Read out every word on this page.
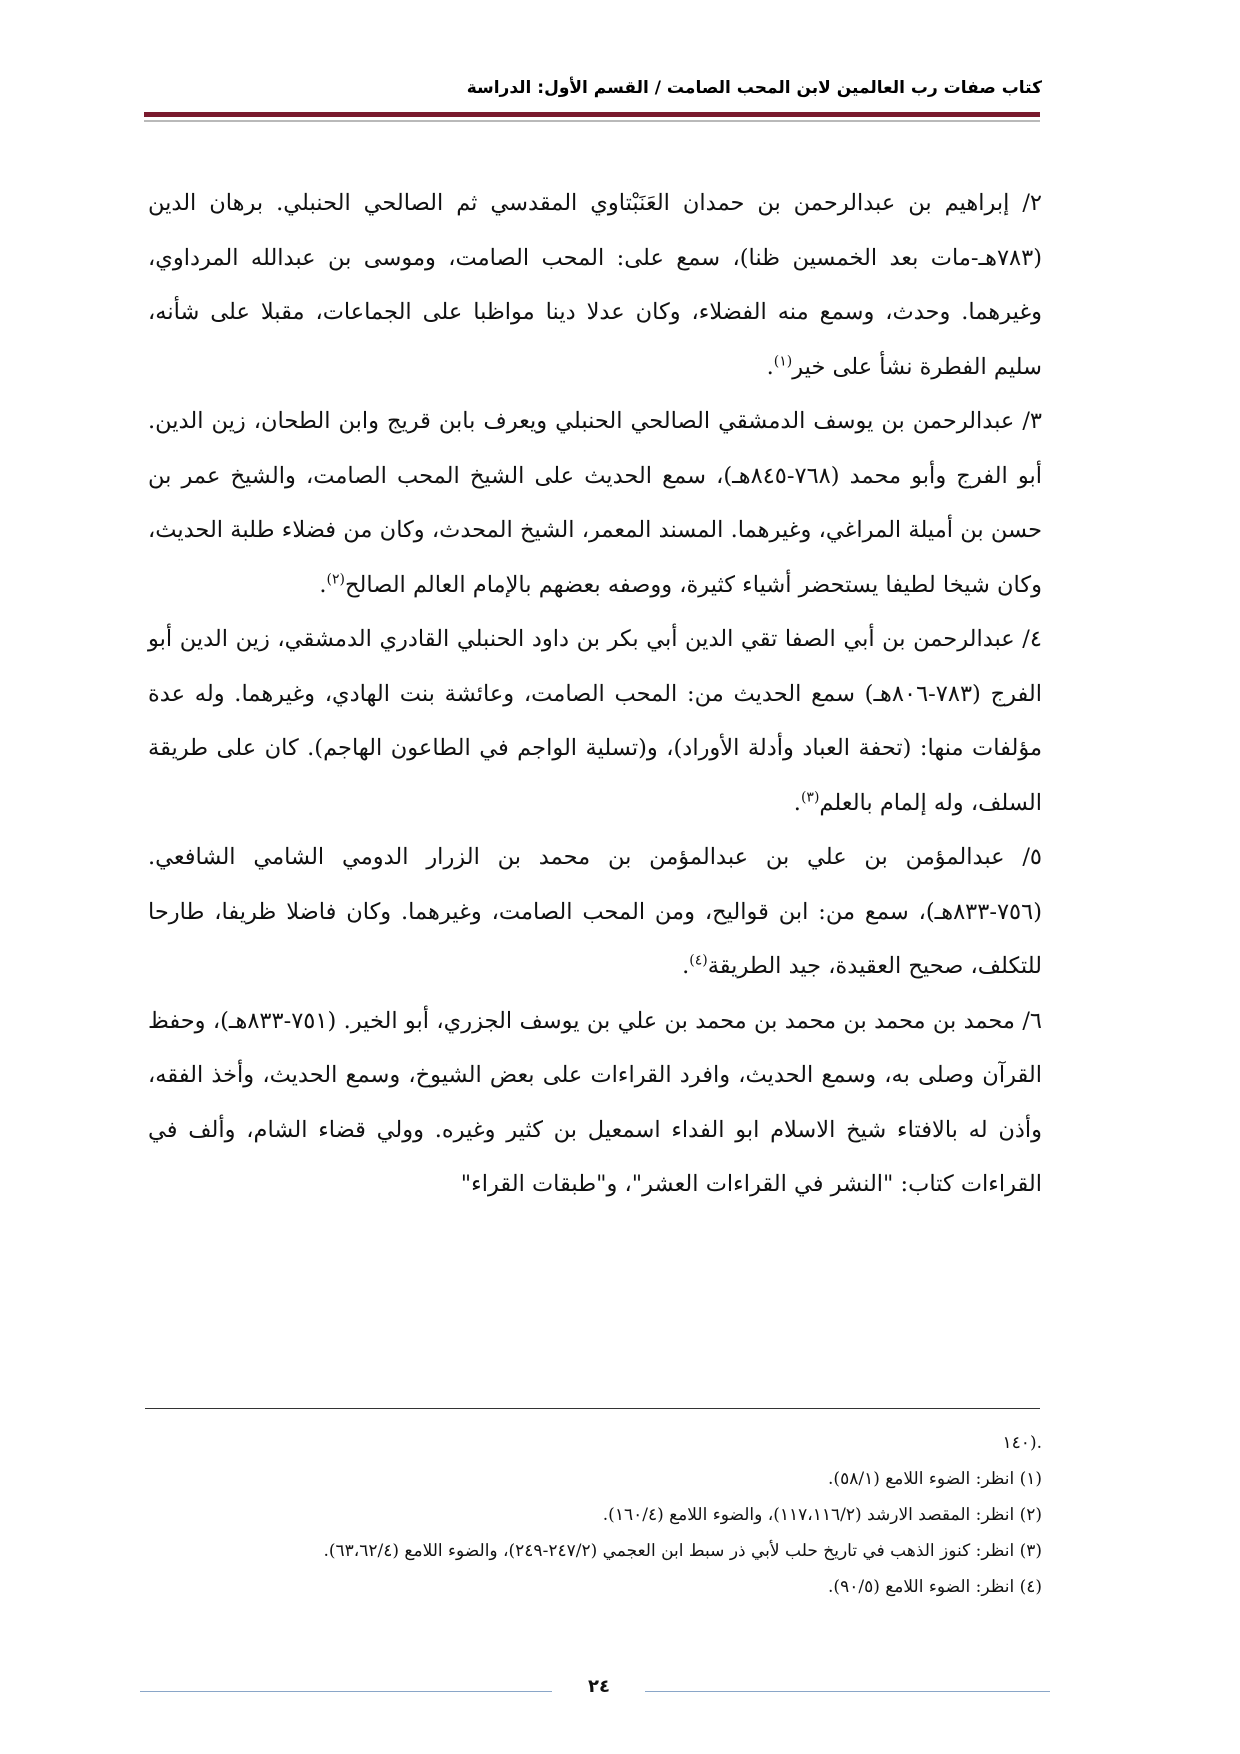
كتاب صفات رب العالمين لابن المحب الصامت / القسم الأول: الدراسة

٢/ إبراهيم بن عبدالرحمن بن حمدان العَنَبْتاوي المقدسي ثم الصالحي الحنبلي. برهان الدين (٧٨٣هـ-مات بعد الخمسين ظنا)، سمع على: المحب الصامت، وموسى بن عبدالله المرداوي، وغيرهما. وحدث، وسمع منه الفضلاء، وكان عدلا دينا مواظبا على الجماعات، مقبلا على شأنه، سليم الفطرة نشأ على خير$^{(١)}$.

٣/ عبدالرحمن بن يوسف الدمشقي الصالحي الحنبلي ويعرف بابن قريج وابن الطحان، زين الدين. أبو الفرج وأبو محمد (٧٦٨-٨٤٥هـ)، سمع الحديث على الشيخ المحب الصامت، والشيخ عمر بن حسن بن أميلة المراغي، وغيرهما. المسند المعمر، الشيخ المحدث، وكان من فضلاء طلبة الحديث، وكان شيخا لطيفا يستحضر أشياء كثيرة، ووصفه بعضهم بالإمام العالم الصالح$^{(٢)}$.

٤/ عبدالرحمن بن أبي الصفا تقي الدين أبي بكر بن داود الحنبلي القادري الدمشقي، زين الدين أبو الفرج (٧٨٣-٨٠٦هـ) سمع الحديث من: المحب الصامت، وعائشة بنت الهادي، وغيرهما. وله عدة مؤلفات منها: (تحفة العباد وأدلة الأوراد)، و(تسلية الواجم في الطاعون الهاجم). كان على طريقة السلف، وله إلمام بالعلم$^{(٣)}$.

٥/ عبدالمؤمن بن علي بن عبدالمؤمن بن محمد بن الزرار الدومي الشامي الشافعي. (٧٥٦-٨٣٣هـ)، سمع من: ابن قواليح، ومن المحب الصامت، وغيرهما. وكان فاضلا ظريفا، طارحا للتكلف، صحيح العقيدة، جيد الطريقة$^{(٤)}$.

٦/ محمد بن محمد بن محمد بن محمد بن علي بن يوسف الجزري، أبو الخير. (٧٥١-٨٣٣هـ)، وحفظ القرآن وصلى به، وسمع الحديث، وافرد القراءات على بعض الشيوخ، وسمع الحديث، وأخذ الفقه، وأذن له بالافتاء شيخ الاسلام ابو الفداء اسمعيل بن كثير وغيره. وولي قضاء الشام، وألف في القراءات كتاب: "النشر في القراءات العشر"، و"طبقات القراء"

.(١٤٠

(١) انظر: الضوء اللامع (٥٨/١).

(٢) انظر: المقصد الارشد (١١٧،١١٦/٢)، والضوء اللامع (١٦٠/٤).

(٣) انظر: كنوز الذهب في تاريخ حلب لأبي ذر سبط ابن العجمي (٢٤٧/٢-٢٤٩)، والضوء اللامع (٦٣،٦٢/٤).

(٤) انظر: الضوء اللامع (٩٠/٥).

٢٤
